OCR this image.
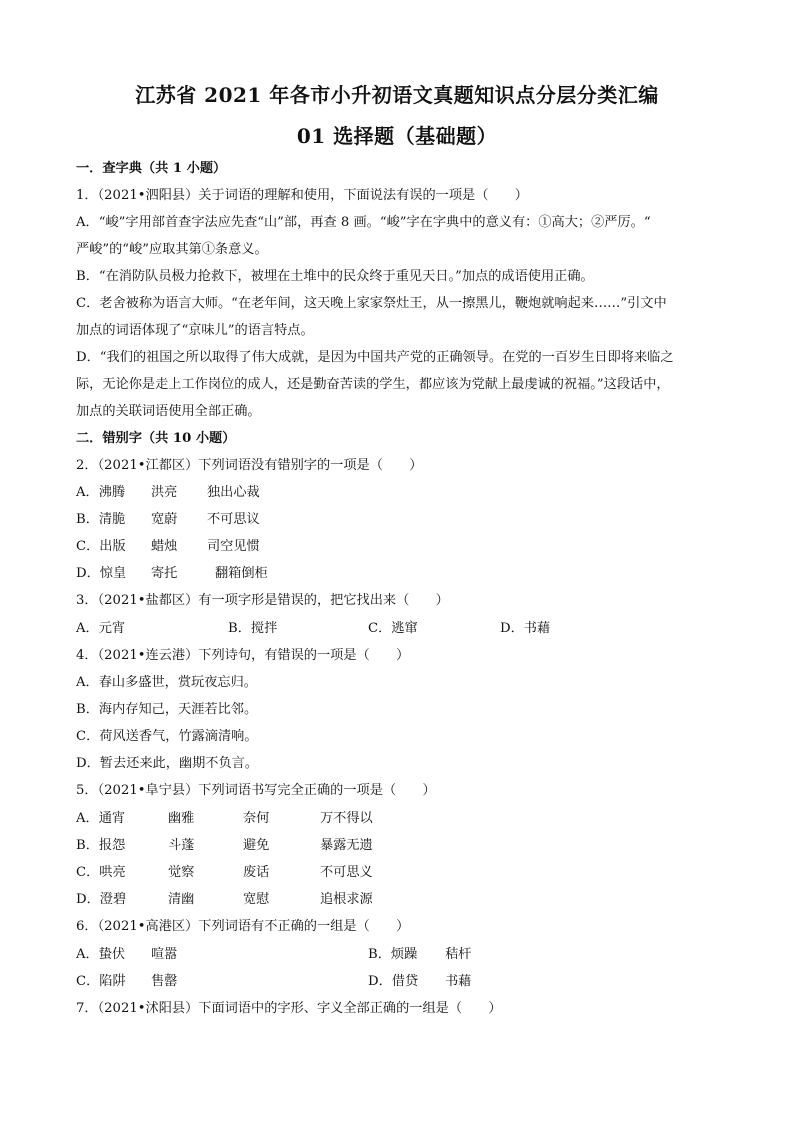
江苏省 2021 年各市小升初语文真题知识点分层分类汇编
01 选择题（基础题）
一．查字典（共 1 小题）
1．（2021•泗阳县）关于词语的理解和使用，下面说法有误的一项是（　　）
A．“峻”字用部首查字法应先查“山”部，再查 8 画。“峻”字在字典中的意义有：①高大；②严厉。“
严峻”的“峻”应取其第①条意义。
B．“在消防队员极力抢救下，被埋在土堆中的民众终于重见天日。”加点的成语使用正确。
C．老舍被称为语言大师。“在老年间，这天晚上家家祭灶王，从一擦黑儿，鞭炮就响起来……”引文中
加点的词语体现了“京味儿”的语言特点。
D．“我们的祖国之所以取得了伟大成就，是因为中国共产党的正确领导。在党的一百岁生日即将来临之
际，无论你是走上工作岗位的成人，还是勤奋苦读的学生，都应该为党献上最虔诚的祝福。”这段话中，
加点的关联词语使用全部正确。
二．错别字（共 10 小题）
2．（2021•江都区）下列词语没有错别字的一项是（　　）
A．沸腾 洪亮 独出心裁
B．清脆 宽蔚 不可思议
C．出版 蜡烛 司空见惯
D．惊皇 寄托	翻箱倒柜
3．（2021•盐都区）有一项字形是错误的，把它找出来（　　）
A．元宵	B．搅拌	C．逃窜	D．书藉
4．（2021•连云港）下列诗句，有错误的一项是（　　）
A．春山多盛世，赏玩夜忘归。
B．海内存知己，天涯若比邻。
C．荷风送香气，竹露滴清响。
D．暂去还来此，幽期不负言。
5．（2021•阜宁县）下列词语书写完全正确的一项是（　　）
A．通宵	幽雅	奈何	万不得以
B．报怨	斗蓬	避免	暴露无遗
C．哄亮	觉察	废话	不可思义
D．澄碧	清幽	宽慰	追根求源
6．（2021•高港区）下列词语有不正确的一组是（　　）
A．蛰伏 喧嚣	B．烦躁 秸杆
C．陷阱 售罄	D．借贷 书藉
7．（2021•沭阳县）下面词语中的字形、字义全部正确的一组是（　　）
